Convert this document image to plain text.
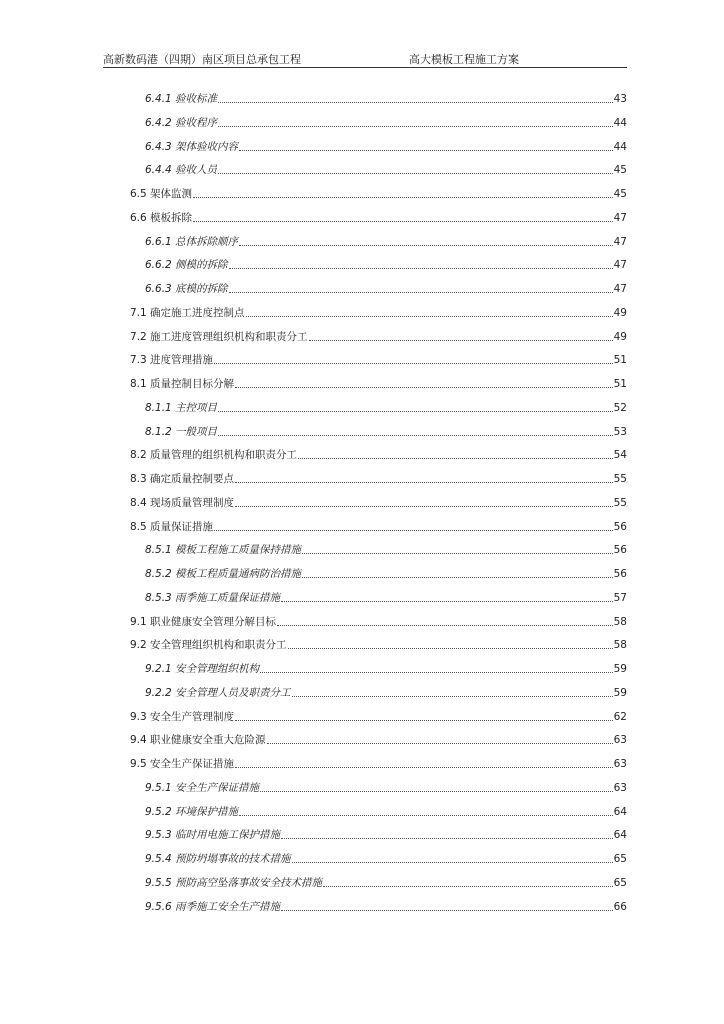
高新数码港（四期）南区项目总承包工程	高大模板工程施工方案
6.4.1 验收标准	43
6.4.2 验收程序	44
6.4.3 架体验收内容	44
6.4.4 验收人员	45
6.5 架体监测	45
6.6 模板拆除	47
6.6.1 总体拆除顺序	47
6.6.2 侧模的拆除	47
6.6.3 底模的拆除	47
7.1 确定施工进度控制点	49
7.2 施工进度管理组织机构和职责分工	49
7.3 进度管理措施	51
8.1 质量控制目标分解	51
8.1.1 主控项目	52
8.1.2 一般项目	53
8.2 质量管理的组织机构和职责分工	54
8.3 确定质量控制要点	55
8.4 现场质量管理制度	55
8.5 质量保证措施	56
8.5.1 模板工程施工质量保持措施	56
8.5.2 模板工程质量通病防治措施	56
8.5.3 雨季施工质量保证措施	57
9.1 职业健康安全管理分解目标	58
9.2 安全管理组织机构和职责分工	58
9.2.1 安全管理组织机构	59
9.2.2 安全管理人员及职责分工	59
9.3 安全生产管理制度	62
9.4 职业健康安全重大危险源	63
9.5 安全生产保证措施	63
9.5.1 安全生产保证措施	63
9.5.2 环境保护措施	64
9.5.3 临时用电施工保护措施	64
9.5.4 预防坍塌事故的技术措施	65
9.5.5 预防高空坠落事故安全技术措施	65
9.5.6 雨季施工安全生产措施	66
